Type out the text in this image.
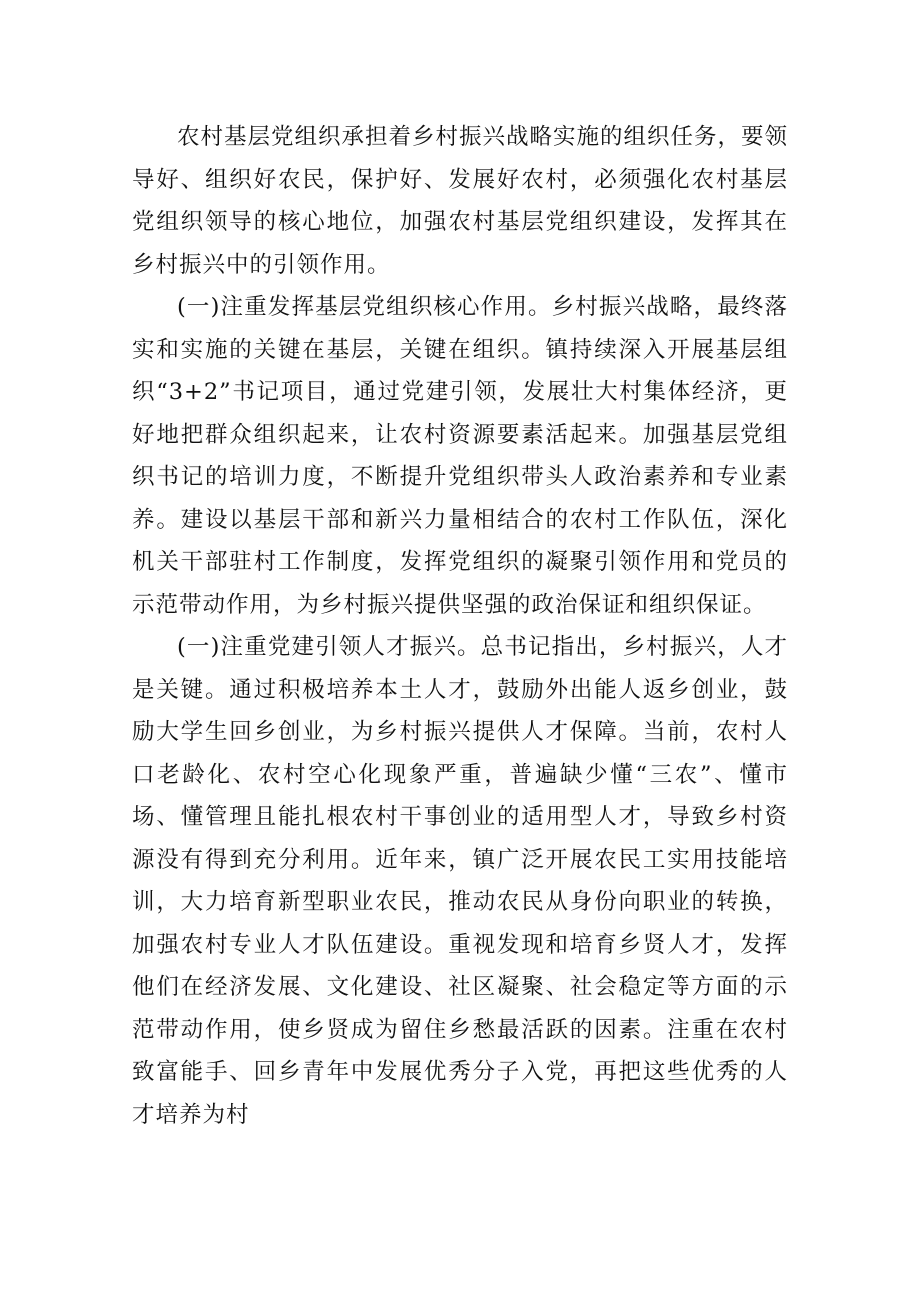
农村基层党组织承担着乡村振兴战略实施的组织任务，要领导好、组织好农民，保护好、发展好农村，必须强化农村基层党组织领导的核心地位，加强农村基层党组织建设，发挥其在乡村振兴中的引领作用。

(一)注重发挥基层党组织核心作用。乡村振兴战略，最终落实和实施的关键在基层，关键在组织。镇持续深入开展基层组织“3+2”书记项目，通过党建引领，发展壮大村集体经济，更好地把群众组织起来，让农村资源要素活起来。加强基层党组织书记的培训力度，不断提升党组织带头人政治素养和专业素养。建设以基层干部和新兴力量相结合的农村工作队伍，深化机关干部驻村工作制度，发挥党组织的凝聚引领作用和党员的示范带动作用，为乡村振兴提供坚强的政治保证和组织保证。

(一)注重党建引领人才振兴。总书记指出，乡村振兴，人才是关键。通过积极培养本土人才，鼓励外出能人返乡创业，鼓励大学生回乡创业，为乡村振兴提供人才保障。当前，农村人口老龄化、农村空心化现象严重，普遍缺少懂“三农”、懂市场、懂管理且能扎根农村干事创业的适用型人才，导致乡村资源没有得到充分利用。近年来，镇广泛开展农民工实用技能培训，大力培育新型职业农民，推动农民从身份向职业的转换，加强农村专业人才队伍建设。重视发现和培育乡贤人才，发挥他们在经济发展、文化建设、社区凝聚、社会稳定等方面的示范带动作用，使乡贤成为留住乡愁最活跃的因素。注重在农村致富能手、回乡青年中发展优秀分子入党，再把这些优秀的人才培养为村
